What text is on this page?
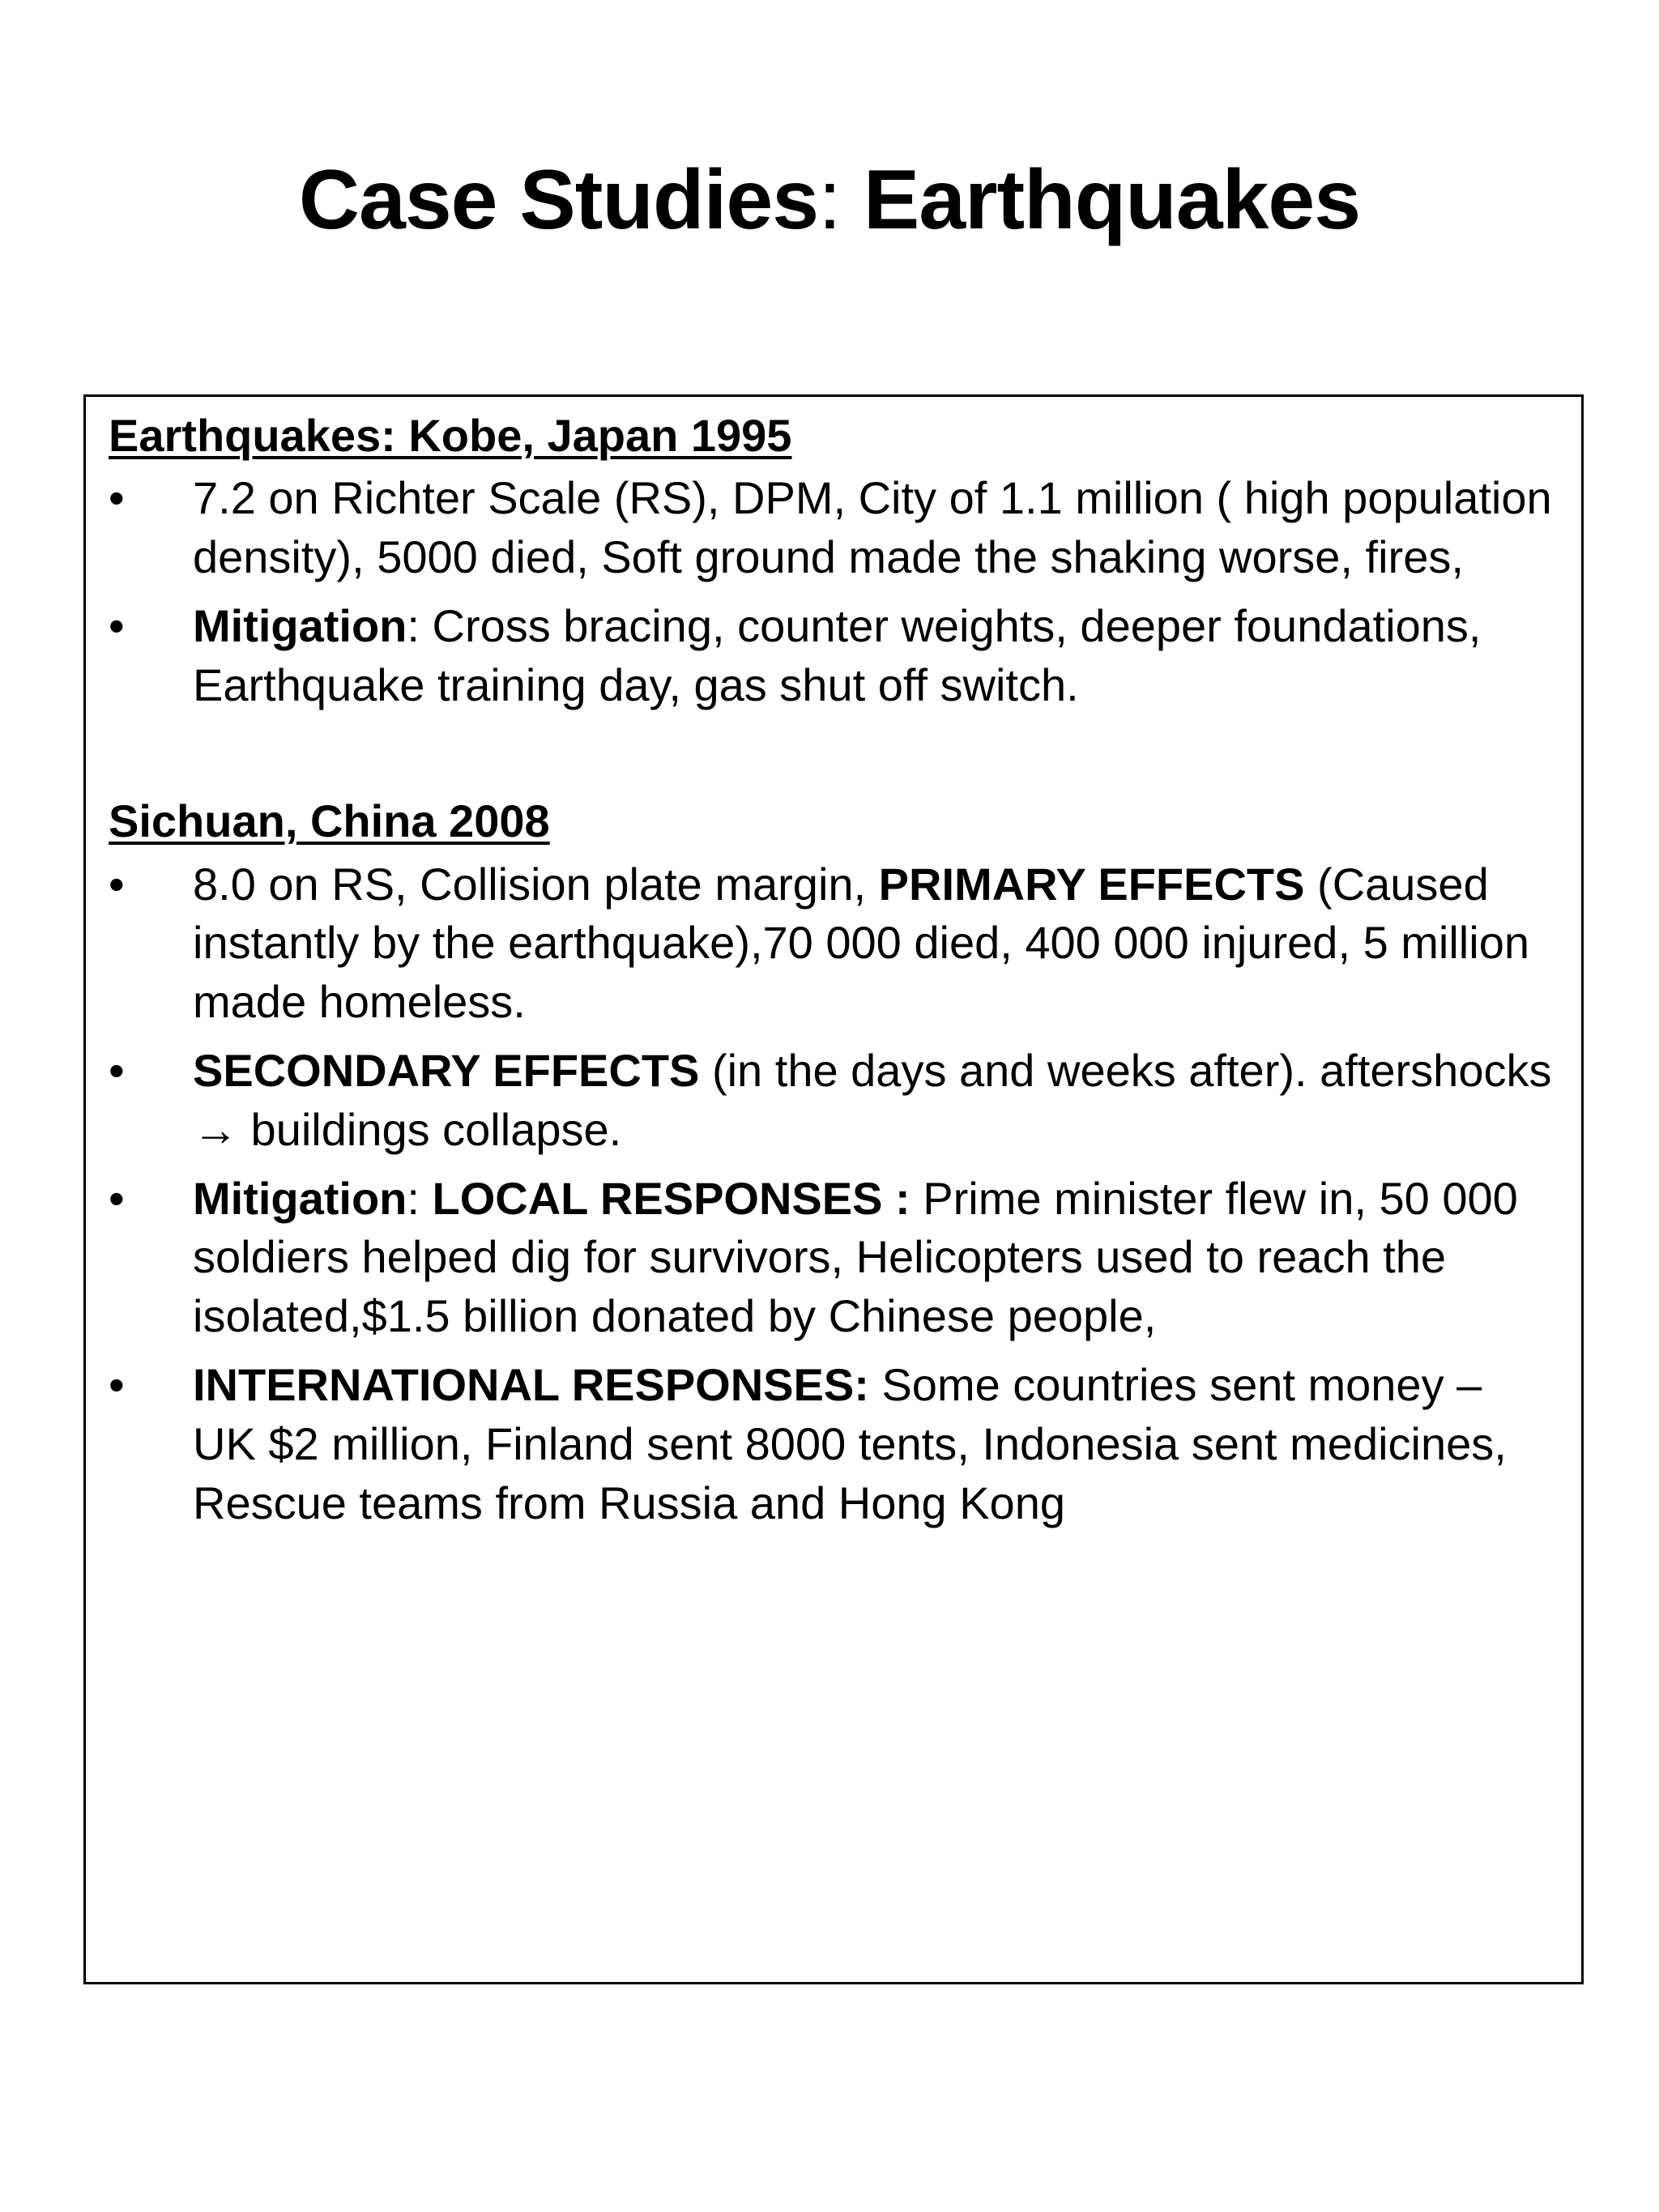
Case Studies: Earthquakes

Earthquakes: Kobe, Japan 1995

•	7.2 on Richter Scale (RS), DPM, City of 1.1 million ( high population density), 5000 died, Soft ground made the shaking worse, fires,
•	Mitigation: Cross bracing, counter weights, deeper foundations, Earthquake training day, gas shut off switch.

Sichuan, China 2008

•	8.0 on RS, Collision plate margin, PRIMARY EFFECTS (Caused instantly by the earthquake),70 000 died, 400 000 injured, 5 million made homeless.
•	SECONDARY EFFECTS (in the days and weeks after). aftershocks → buildings collapse.
•	Mitigation: LOCAL RESPONSES : Prime minister flew in, 50 000 soldiers helped dig for survivors, Helicopters used to reach the isolated,$1.5 billion donated by Chinese people,
•	INTERNATIONAL RESPONSES: Some countries sent money – UK $2 million, Finland sent 8000 tents, Indonesia sent medicines, Rescue teams from Russia and Hong Kong
